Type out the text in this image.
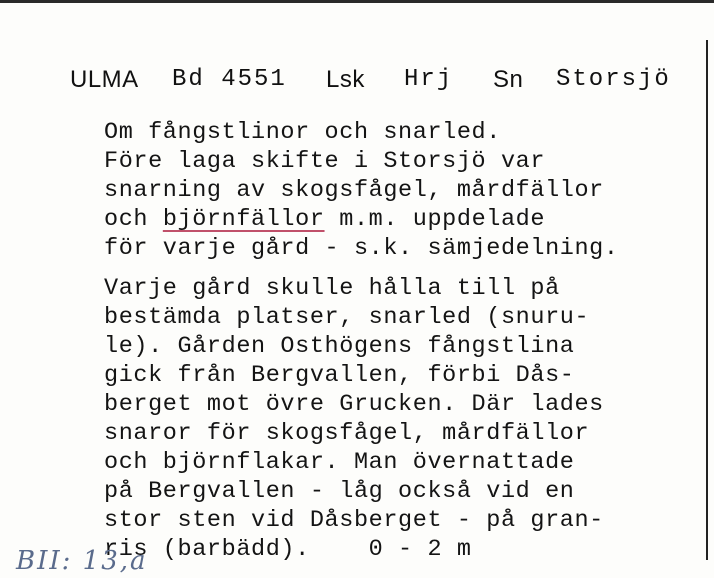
ULMA Bd 4551 Lsk Hrj Sn Storsjö
Om fångstlinor och snarled.
Före laga skifte i Storsjö var
snarning av skogsfågel, mårdfällor
och björnfällor m.m. uppdelade
för varje gård - s.k. sämjedelning.
Varje gård skulle hålla till på
bestämda platser, snarled (snuru-
le). Gården Osthögens fångstlina
gick från Bergvallen, förbi Dås-
berget mot övre Grucken. Där lades
snaror för skogsfågel, mårdfällor
och björnflakar. Man övernattade
på Bergvallen - låg också vid en
stor sten vid Dåsberget - på gran-
ris (barbädd).    0 - 2 m
BII: 13,a
